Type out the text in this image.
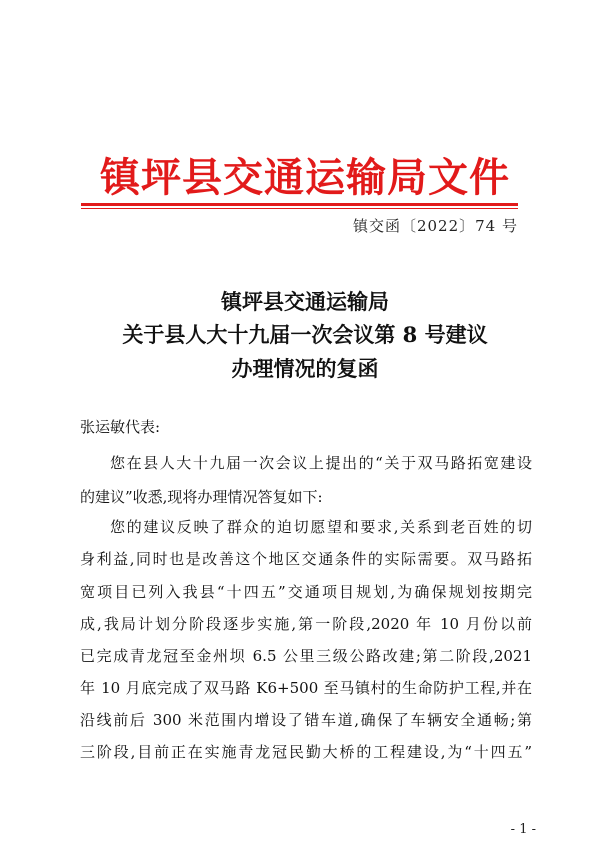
镇坪县交通运输局文件
镇交函〔2022〕74 号
镇坪县交通运输局
关于县人大十九届一次会议第 8 号建议
办理情况的复函
张运敏代表:
您在县人大十九届一次会议上提出的“关于双马路拓宽建设
的建议”收悉,现将办理情况答复如下:
您的建议反映了群众的迫切愿望和要求,关系到老百姓的切
身利益,同时也是改善这个地区交通条件的实际需要。双马路拓
宽项目已列入我县“十四五”交通项目规划,为确保规划按期完
成,我局计划分阶段逐步实施,第一阶段,2020 年 10 月份以前
已完成青龙冠至金州坝 6.5 公里三级公路改建;第二阶段,2021
年 10 月底完成了双马路 K6+500 至马镇村的生命防护工程,并在
沿线前后 300 米范围内增设了错车道,确保了车辆安全通畅;第
三阶段,目前正在实施青龙冠民勤大桥的工程建设,为“十四五”
- 1 -
